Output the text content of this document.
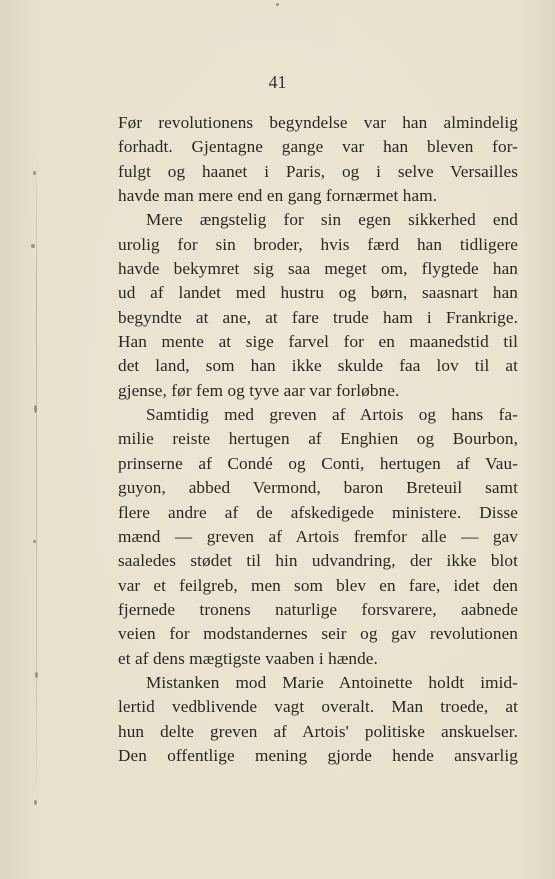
41
Før revolutionens begyndelse var han almindelig
forhadt. Gjentagne gange var han bleven for-
fulgt og haanet i Paris, og i selve Versailles
havde man mere end en gang fornærmet ham.
Mere ængstelig for sin egen sikkerhed end
urolig for sin broder, hvis færd han tidligere
havde bekymret sig saa meget om, flygtede han
ud af landet med hustru og børn, saasnart han
begyndte at ane, at fare trude ham i Frankrige.
Han mente at sige farvel for en maanedstid til
det land, som han ikke skulde faa lov til at
gjense, før fem og tyve aar var forløbne.
Samtidig med greven af Artois og hans fa-
milie reiste hertugen af Enghien og Bourbon,
prinserne af Condé og Conti, hertugen af Vau-
guyon, abbed Vermond, baron Breteuil samt
flere andre af de afskedigede ministere. Disse
mænd — greven af Artois fremfor alle — gav
saaledes stødet til hin udvandring, der ikke blot
var et feilgreb, men som blev en fare, idet den
fjernede tronens naturlige forsvarere, aabnede
veien for modstandernes seir og gav revolutionen
et af dens mægtigste vaaben i hænde.
Mistanken mod Marie Antoinette holdt imid-
lertid vedblivende vagt overalt. Man troede, at
hun delte greven af Artois' politiske anskuelser.
Den offentlige mening gjorde hende ansvarlig
